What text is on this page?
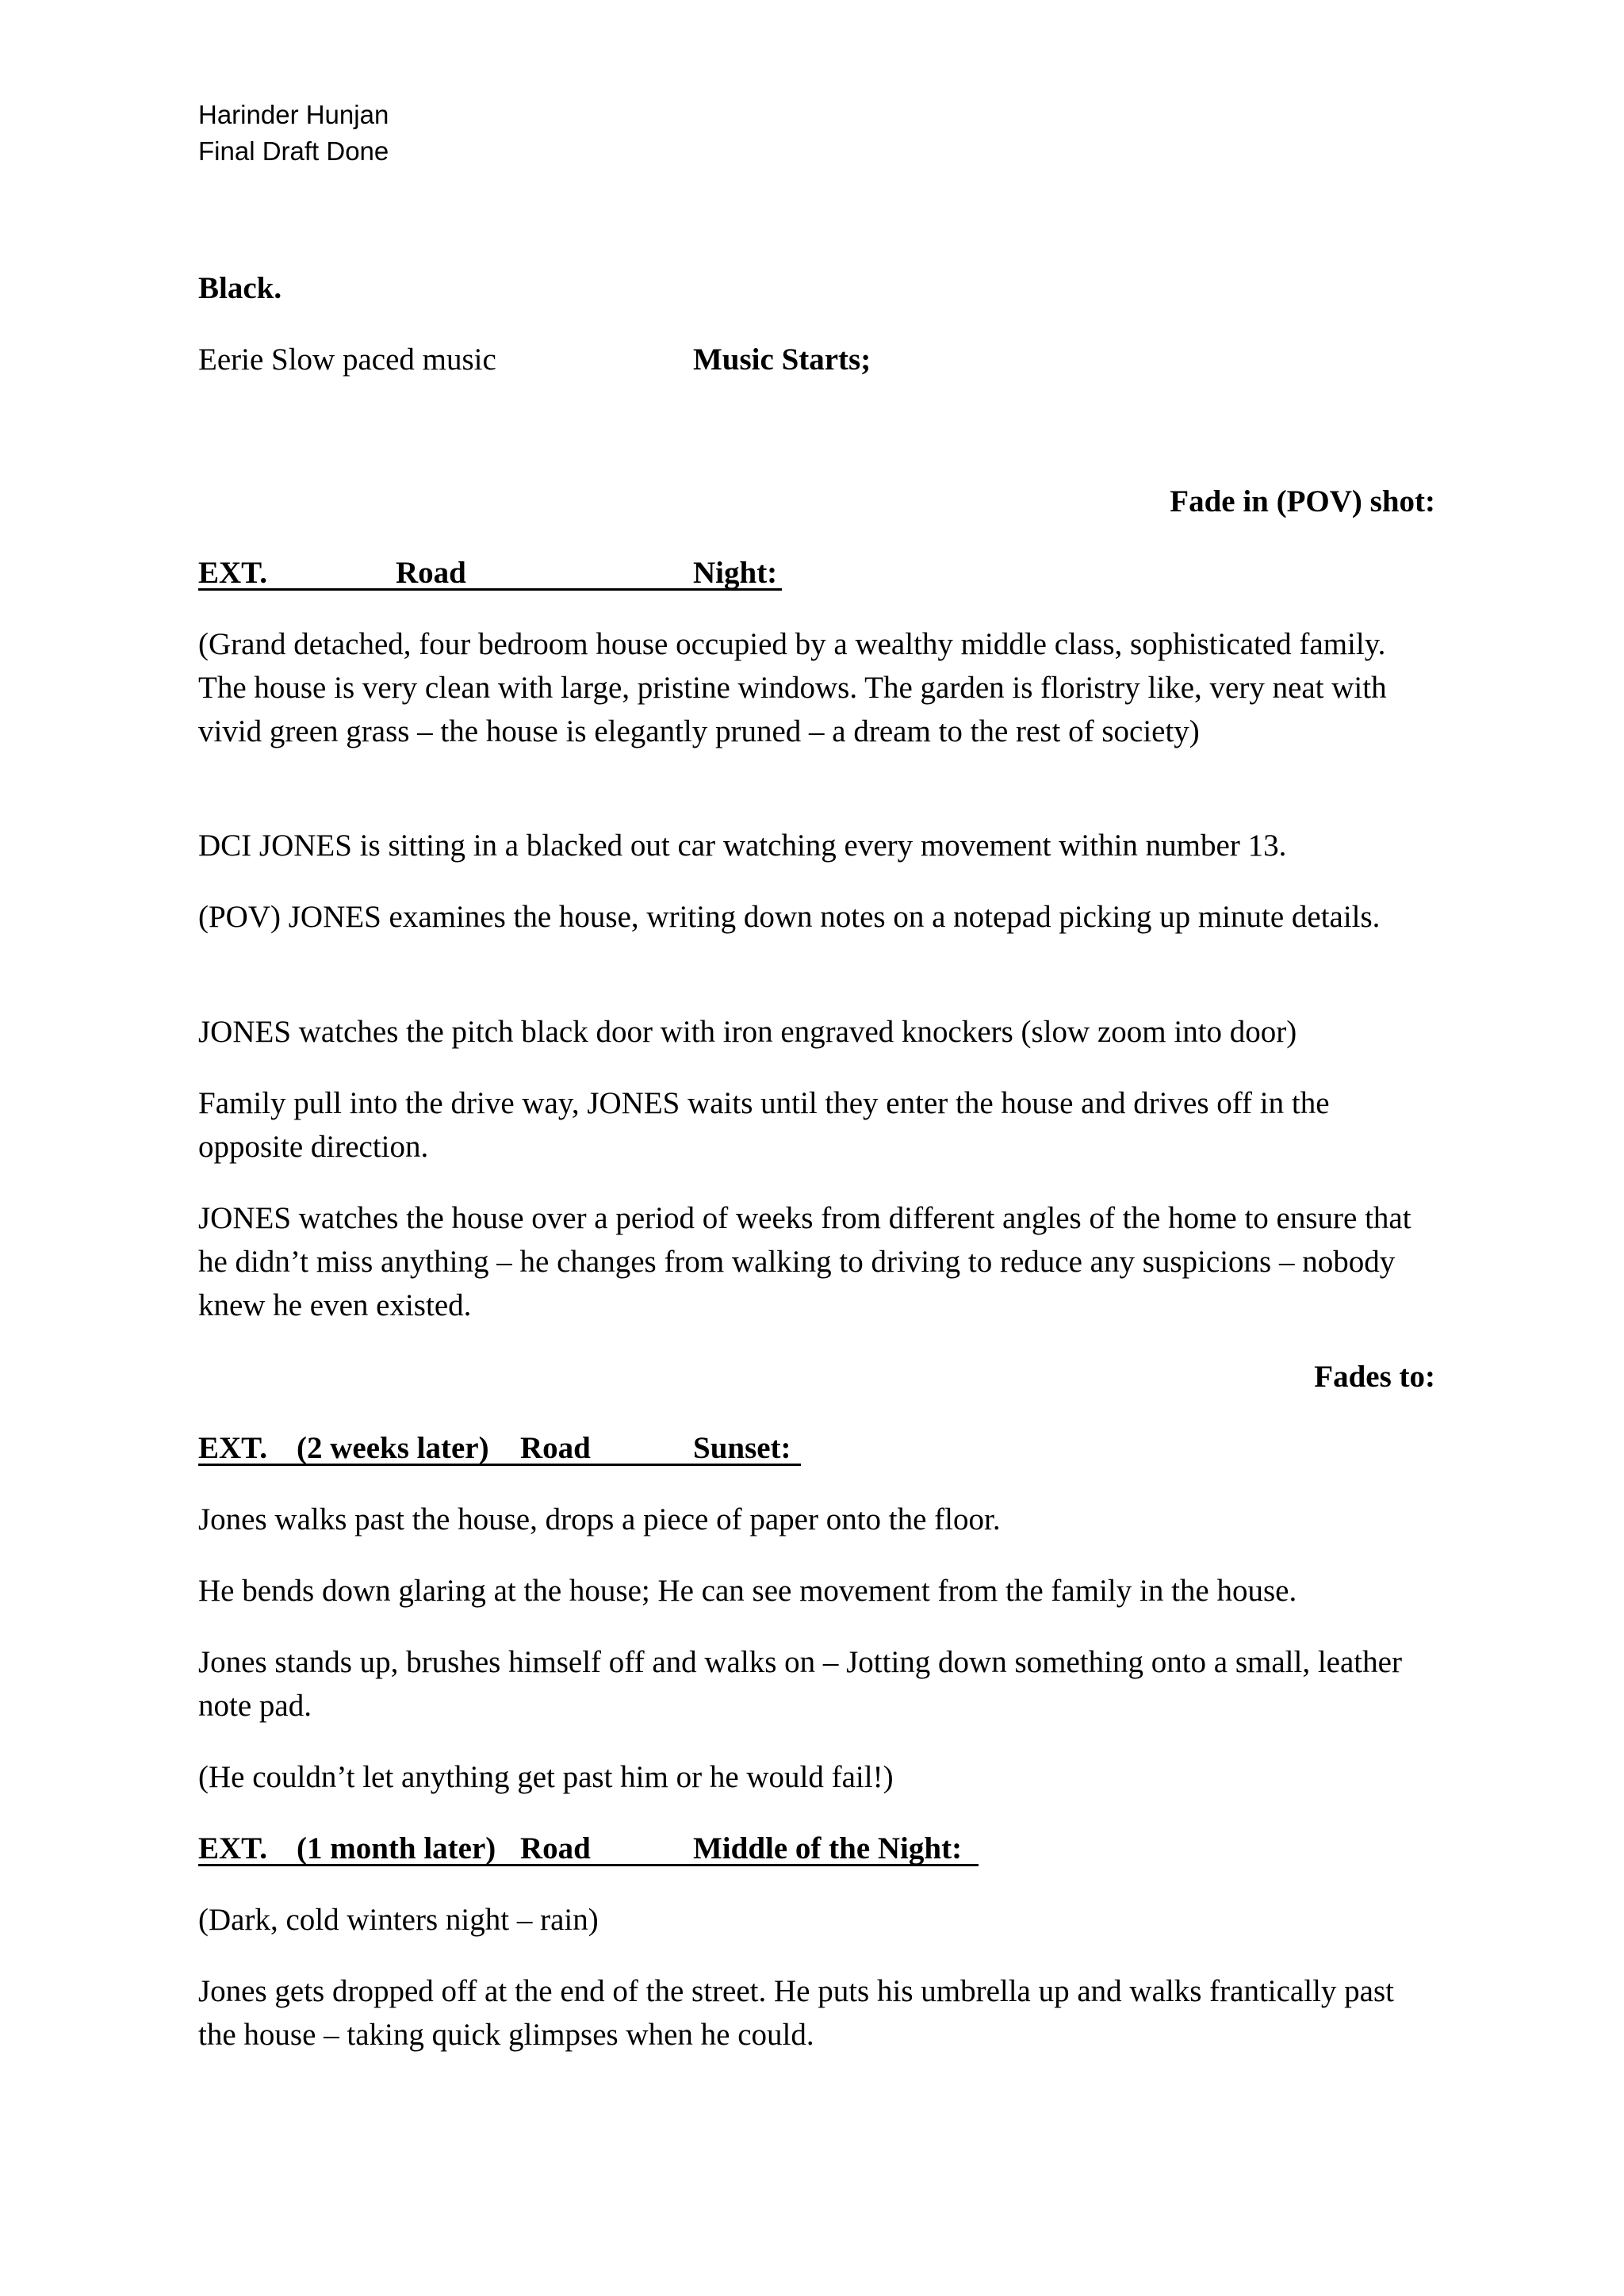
Harinder Hunjan
Final Draft Done
Black.
Eerie Slow paced music	Music Starts;
Fade in (POV) shot:
EXT.	Road	Night:
(Grand detached, four bedroom house occupied by a wealthy middle class, sophisticated family. The house is very clean with large, pristine windows. The garden is floristry like, very neat with vivid green grass – the house is elegantly pruned – a dream to the rest of society)
DCI JONES is sitting in a blacked out car watching every movement within number 13.
(POV) JONES examines the house, writing down notes on a notepad picking up minute details.
JONES watches the pitch black door with iron engraved knockers (slow zoom into door)
Family pull into the drive way, JONES waits until they enter the house and drives off in the opposite direction.
JONES watches the house over a period of weeks from different angles of the home to ensure that he didn’t miss anything – he changes from walking to driving to reduce any suspicions – nobody knew he even existed.
Fades to:
EXT. (2 weeks later) Road	Sunset:
Jones walks past the house, drops a piece of paper onto the floor.
He bends down glaring at the house; He can see movement from the family in the house.
Jones stands up, brushes himself off and walks on – Jotting down something onto a small, leather note pad.
(He couldn’t let anything get past him or he would fail!)
EXT. (1 month later) Road	Middle of the Night:
(Dark, cold winters night – rain)
Jones gets dropped off at the end of the street. He puts his umbrella up and walks frantically past the house – taking quick glimpses when he could.
